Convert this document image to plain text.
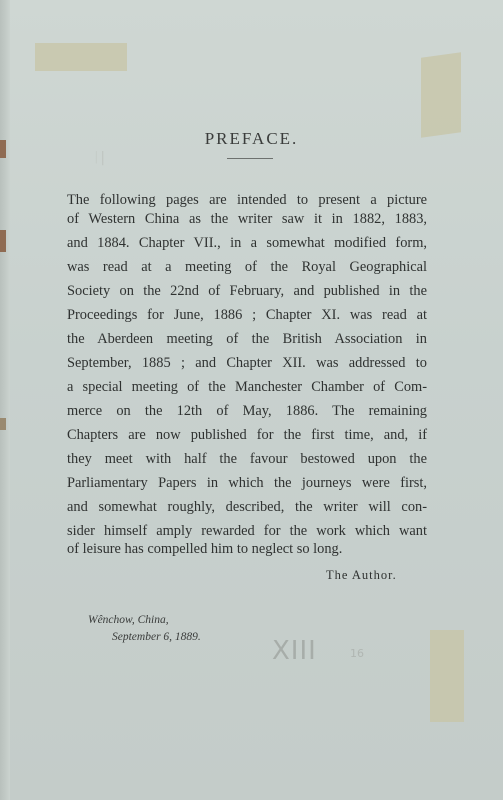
ᛁ|
PREFACE.
The following pages are intended to present a picture
of Western China as the writer saw it in 1882, 1883,
and 1884. Chapter VII., in a somewhat modified form,
was read at a meeting of the Royal Geographical
Society on the 22nd of February, and published in the
Proceedings for June, 1886 ; Chapter XI. was read at
the Aberdeen meeting of the British Association in
September, 1885 ; and Chapter XII. was addressed to
a special meeting of the Manchester Chamber of Com-
merce on the 12th of May, 1886. The remaining
Chapters are now published for the first time, and, if
they meet with half the favour bestowed upon the
Parliamentary Papers in which the journeys were first,
and somewhat roughly, described, the writer will con-
sider himself amply rewarded for the work which want
of leisure has compelled him to neglect so long.
The Author.
Wênchow, China,
September 6, 1889.	XIII	16
